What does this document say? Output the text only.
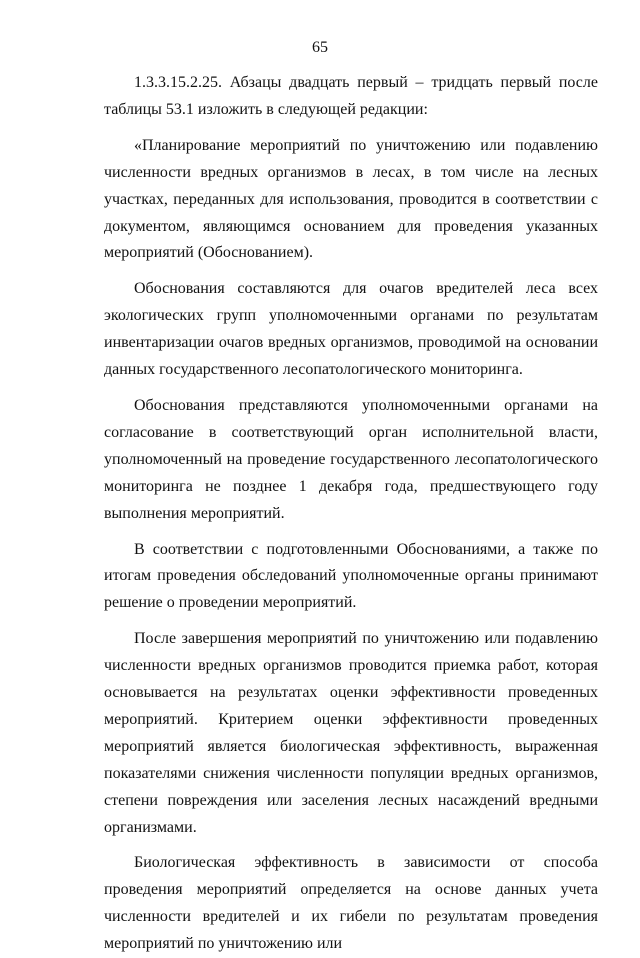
65

1.3.3.15.2.25. Абзацы двадцать первый – тридцать первый после таблицы 53.1 изложить в следующей редакции:

«Планирование мероприятий по уничтожению или подавлению численности вредных организмов в лесах, в том числе на лесных участках, переданных для использования, проводится в соответствии с документом, являющимся основанием для проведения указанных мероприятий (Обоснованием).

Обоснования составляются для очагов вредителей леса всех экологических групп уполномоченными органами по результатам инвентаризации очагов вредных организмов, проводимой на основании данных государственного лесопатологического мониторинга.

Обоснования представляются уполномоченными органами на согласование в соответствующий орган исполнительной власти, уполномоченный на проведение государственного лесопатологического мониторинга не позднее 1 декабря года, предшествующего году выполнения мероприятий.

В соответствии с подготовленными Обоснованиями, а также по итогам проведения обследований уполномоченные органы принимают решение о проведении мероприятий.

После завершения мероприятий по уничтожению или подавлению численности вредных организмов проводится приемка работ, которая основывается на результатах оценки эффективности проведенных мероприятий. Критерием оценки эффективности проведенных мероприятий является биологическая эффективность, выраженная показателями снижения численности популяции вредных организмов, степени повреждения или заселения лесных насаждений вредными организмами.

Биологическая эффективность в зависимости от способа проведения мероприятий определяется на основе данных учета численности вредителей и их гибели по результатам проведения мероприятий по уничтожению или
